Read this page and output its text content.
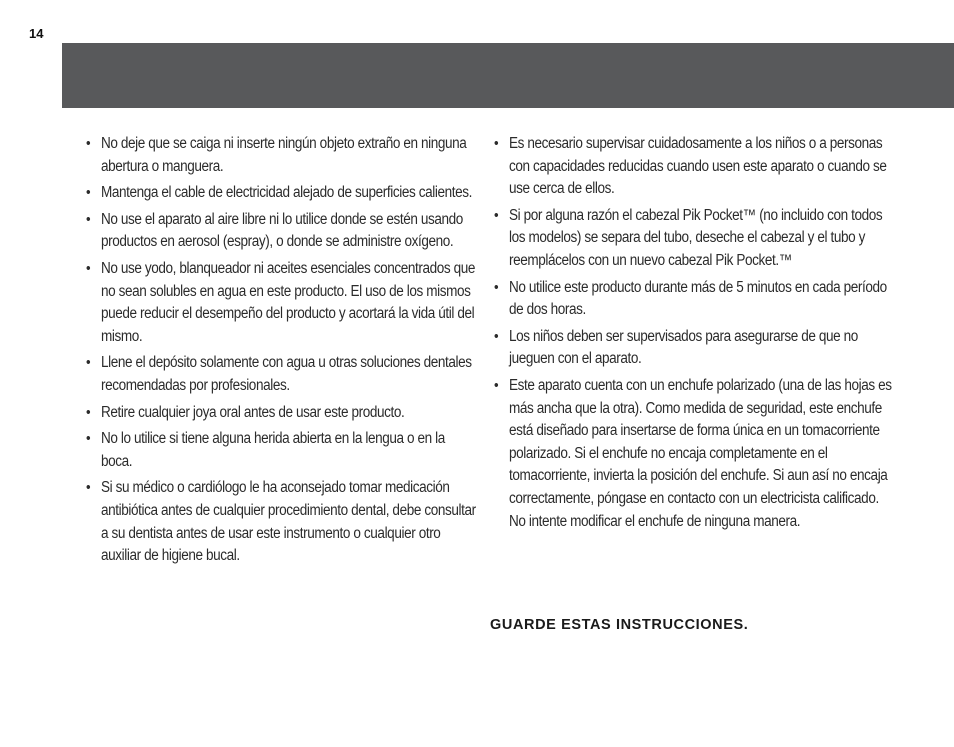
14
• No deje que se caiga ni inserte ningún objeto extraño en ninguna abertura o manguera.
• Mantenga el cable de electricidad alejado de superficies calientes.
• No use el aparato al aire libre ni lo utilice donde se estén usando productos en aerosol (espray), o donde se administre oxígeno.
• No use yodo, blanqueador ni aceites esenciales concentrados que no sean solubles en agua en este producto. El uso de los mismos puede reducir el desempeño del producto y acortará la vida útil del mismo.
• Llene el depósito solamente con agua u otras soluciones dentales recomendadas por profesionales.
• Retire cualquier joya oral antes de usar este producto.
• No lo utilice si tiene alguna herida abierta en la lengua o en la boca.
• Si su médico o cardiólogo le ha aconsejado tomar medicación antibiótica antes de cualquier procedimiento dental, debe consultar a su dentista antes de usar este instrumento o cualquier otro auxiliar de higiene bucal.
• Es necesario supervisar cuidadosamente a los niños o a personas con capacidades reducidas cuando usen este aparato o cuando se use cerca de ellos.
• Si por alguna razón el cabezal Pik Pocket™ (no incluido con todos los modelos) se separa del tubo, deseche el cabezal y el tubo y reemplácelos con un nuevo cabezal Pik Pocket.™
• No utilice este producto durante más de 5 minutos en cada período de dos horas.
• Los niños deben ser supervisados para asegurarse de que no jueguen con el aparato.
• Este aparato cuenta con un enchufe polarizado (una de las hojas es más ancha que la otra). Como medida de seguridad, este enchufe está diseñado para insertarse de forma única en un tomacorriente polarizado. Si el enchufe no encaja completamente en el tomacorriente, invierta la posición del enchufe. Si aun así no encaja correctamente, póngase en contacto con un electricista calificado. No intente modificar el enchufe de ninguna manera.
GUARDE ESTAS INSTRUCCIONES.
